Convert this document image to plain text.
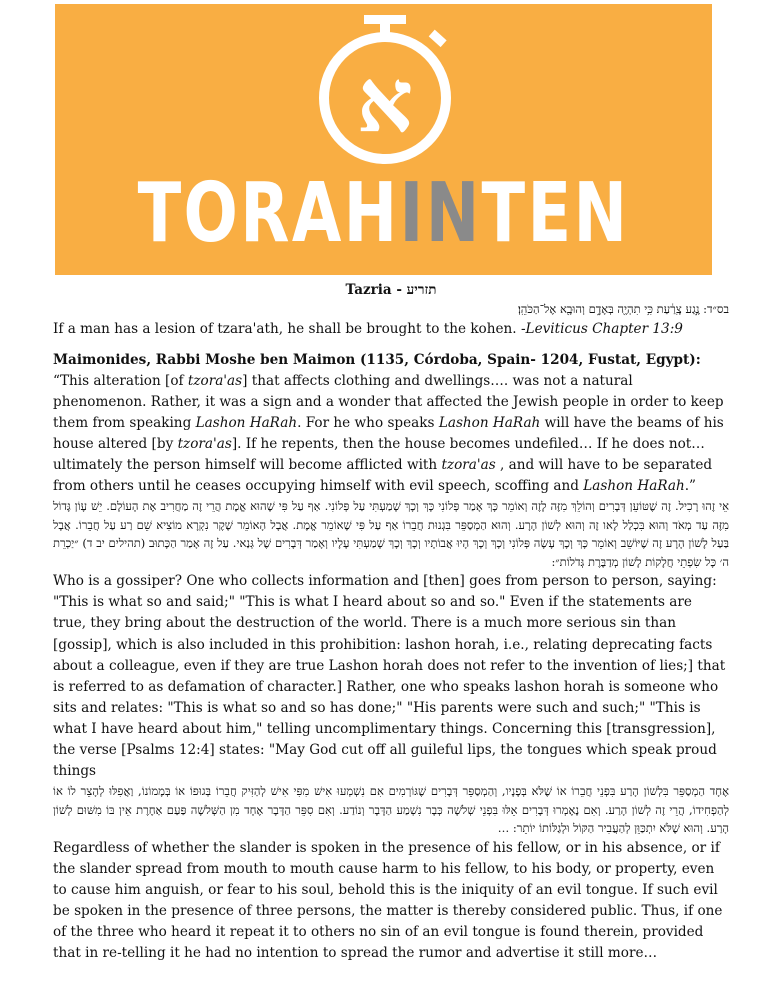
א
TORAHINTEN

Tazria - תזריע

בס״ד: נֶ֣גַע צָֽרַ֔עַת כִּ֥י תִהְיֶ֖ה בְּאָדָ֑ם וְהוּבָ֖א אֶל־הַכֹּהֵֽן׃

If a man has a lesion of tzara'ath, he shall be brought to the kohen. -Leviticus Chapter 13:9

Maimonides, Rabbi Moshe ben Maimon (1135, Córdoba, Spain- 1204, Fustat, Egypt):

“This alteration [of tzora'as] that affects clothing and dwellings…. was not a natural phenomenon. Rather, it was a sign and a wonder that affected the Jewish people in order to keep them from speaking Lashon HaRah. For he who speaks Lashon HaRah will have the beams of his house altered [by tzora'as]. If he repents, then the house becomes undefiled… If he does not… ultimately the person himself will become afflicted with tzora'as , and will have to be separated from others until he ceases occupying himself with evil speech, scoffing and Lashon HaRah.”

אֵי זֶהוּ רָכִיל. זֶה שֶׁטּוֹעֵן דְּבָרִים וְהוֹלֵךְ מִזֶּה לָזֶה וְאוֹמֵר כָּךְ אָמַר פְּלוֹנִי כָּךְ וְכָךְ שָׁמַעְתִּי עַל פְּלוֹנִי. אַף עַל פִּי שֶׁהוּא אֱמֶת הֲרֵי זֶה מַחֲרִיב אֶת הָעוֹלָם. יֵשׁ עָוֹן גָּדוֹל מִזֶּה עַד מְאֹד וְהוּא בִּכְלַל לָאו זֶה וְהוּא לְשׁוֹן הָרָע. וְהוּא הַמְסַפֵּר בִּגְנוּת חֲבֵרוֹ אַף עַל פִּי שֶׁאוֹמֵר אֱמֶת. אֲבָל הָאוֹמֵר שֶׁקֶר נִקְרָא מוֹצִיא שֵׁם רַע עַל חֲבֵרוֹ. אֲבָל בַּעַל לָשׁוֹן הָרָע זֶה שֶׁיּוֹשֵׁב וְאוֹמֵר כָּךְ וְכָךְ עָשָׂה פְּלוֹנִי וְכָךְ וְכָךְ הָיוּ אֲבוֹתָיו וְכָךְ וְכָךְ שָׁמַעְתִּי עָלָיו וְאָמַר דְּבָרִים שֶׁל גְּנַאי. עַל זֶה אָמַר הַכָּתוּב (תהילים יב ד) ״יַכְרֵת ה׳ כָּל שִׂפְתֵי חֲלָקוֹת לָשׁוֹן מְדַבֶּרֶת גְּדֹלוֹת״:

Who is a gossiper? One who collects information and [then] goes from person to person, saying: "This is what so and said;" "This is what I heard about so and so." Even if the statements are true, they bring about the destruction of the world. There is a much more serious sin than [gossip], which is also included in this prohibition: lashon horah, i.e., relating deprecating facts about a colleague, even if they are true Lashon horah does not refer to the invention of lies;] that is referred to as defamation of character.] Rather, one who speaks lashon horah is someone who sits and relates: "This is what so and so has done;" "His parents were such and such;" "This is what I have heard about him," telling uncomplimentary things. Concerning this [transgression], the verse [Psalms 12:4] states: "May God cut off all guileful lips, the tongues which speak proud things

אֶחָד הַמְסַפֵּר בִּלְשׁוֹן הָרַע בִּפְנֵי חֲבֵרוֹ אוֹ שֶׁלֹּא בְּפָנָיו, וְהַמְסַפֵּר דְּבָרִים שֶׁגּוֹרְמִים אִם נִשְׁמְעוּ אִישׁ מִפִּי אִישׁ לְהַזִּיק חֲבֵרוֹ בְּגוּפוֹ אוֹ בְּמָמוֹנוֹ, וַאֲפִלּוּ לְהָצֵר לוֹ אוֹ לְהַפְחִידוֹ, הֲרֵי זֶה לְשׁוֹן הָרַע. וְאִם נֶאֶמְרוּ דְּבָרִים אֵלּוּ בִּפְנֵי שְׁלֹשָׁה כְּבָר נִשְׁמַע הַדָּבָר וְנוֹדַע. וְאִם סִפֵּר הַדָּבָר אֶחָד מִן הַשְּׁלֹשָׁה פַּעַם אַחֶרֶת אֵין בּוֹ מִשּׁוּם לְשׁוֹן הָרַע. וְהוּא שֶׁלֹּא יִתְכַּוֵּן לְהַעֲבִיר הַקּוֹל וּלְגַלּוֹתוֹ יוֹתֵר: …

Regardless of whether the slander is spoken in the presence of his fellow, or in his absence, or if the slander spread from mouth to mouth cause harm to his fellow, to his body, or property, even to cause him anguish, or fear to his soul, behold this is the iniquity of an evil tongue. If such evil be spoken in the presence of three persons, the matter is thereby considered public. Thus, if one of the three who heard it repeat it to others no sin of an evil tongue is found therein, provided that in re-telling it he had no intention to spread the rumor and advertise it still more…
